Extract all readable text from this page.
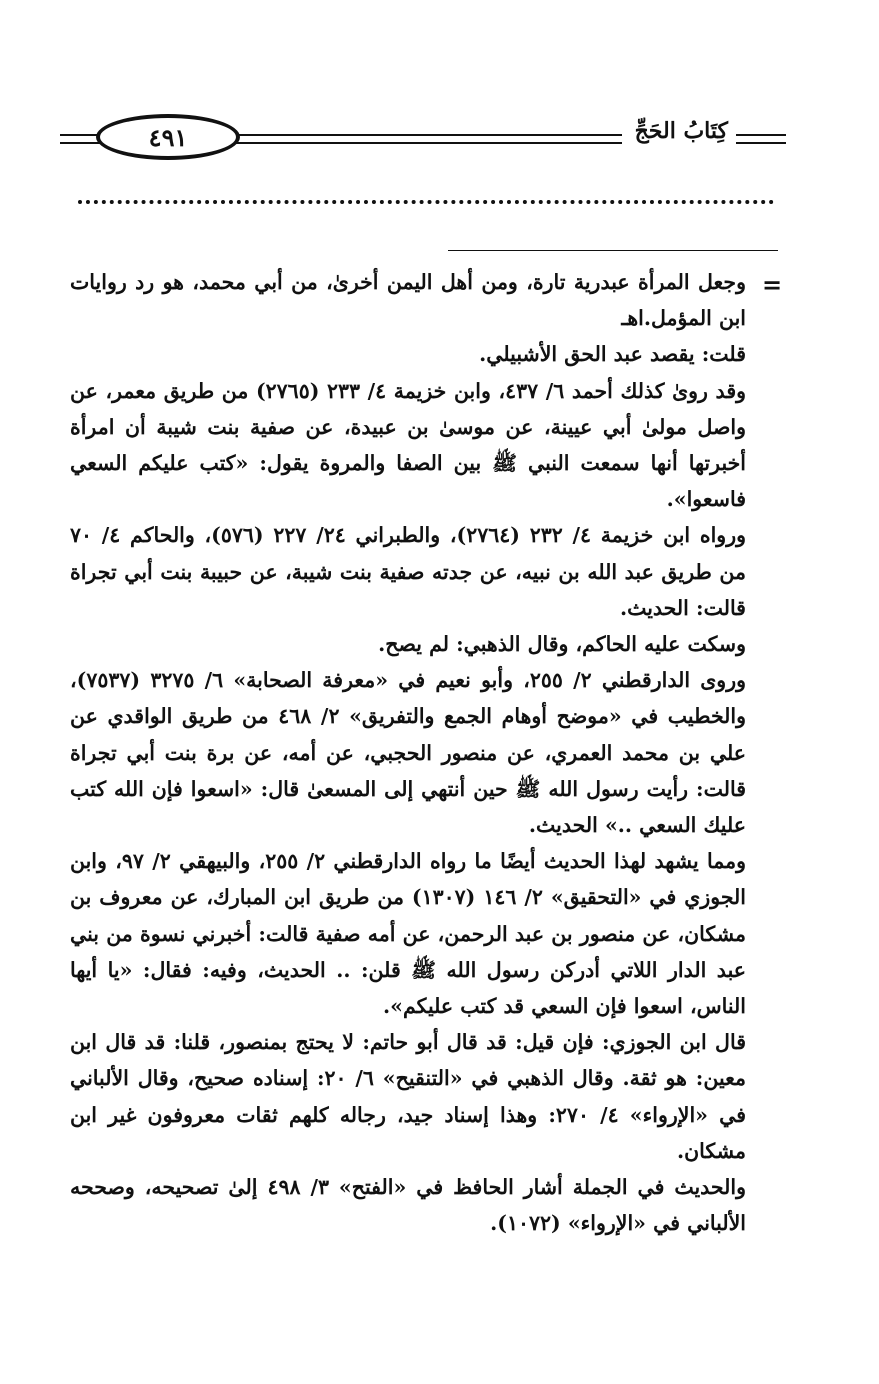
٤٩١	كِتَابُ الحَجِّ
=

وجعل المرأة عبدرية تارة، ومن أهل اليمن أخرىٰ، من أبي محمد، هو رد روايات ابن المؤمل.اهـ

قلت: يقصد عبد الحق الأشبيلي.

وقد روىٰ كذلك أحمد ٦/ ٤٣٧، وابن خزيمة ٤/ ٢٣٣ (٢٧٦٥) من طريق معمر، عن واصل مولىٰ أبي عيينة، عن موسىٰ بن عبيدة، عن صفية بنت شيبة أن امرأة أخبرتها أنها سمعت النبي ﷺ بين الصفا والمروة يقول: «كتب عليكم السعي فاسعوا».

ورواه ابن خزيمة ٤/ ٢٣٢ (٢٧٦٤)، والطبراني ٢٤/ ٢٢٧ (٥٧٦)، والحاكم ٤/ ٧٠ من طريق عبد الله بن نبيه، عن جدته صفية بنت شيبة، عن حبيبة بنت أبي تجراة قالت: الحديث.

وسكت عليه الحاكم، وقال الذهبي: لم يصح.

وروى الدارقطني ٢/ ٢٥٥، وأبو نعيم في «معرفة الصحابة» ٦/ ٣٢٧٥ (٧٥٣٧)، والخطيب في «موضح أوهام الجمع والتفريق» ٢/ ٤٦٨ من طريق الواقدي عن علي بن محمد العمري، عن منصور الحجبي، عن أمه، عن برة بنت أبي تجراة قالت: رأيت رسول الله ﷺ حين أنتهي إلى المسعىٰ قال: «اسعوا فإن الله كتب عليك السعي ..» الحديث.

ومما يشهد لهذا الحديث أيضًا ما رواه الدارقطني ٢/ ٢٥٥، والبيهقي ٢/ ٩٧، وابن الجوزي في «التحقيق» ٢/ ١٤٦ (١٣٠٧) من طريق ابن المبارك، عن معروف بن مشكان، عن منصور بن عبد الرحمن، عن أمه صفية قالت: أخبرني نسوة من بني عبد الدار اللاتي أدركن رسول الله ﷺ قلن: .. الحديث، وفيه: فقال: «يا أيها الناس، اسعوا فإن السعي قد كتب عليكم».

قال ابن الجوزي: فإن قيل: قد قال أبو حاتم: لا يحتج بمنصور، قلنا: قد قال ابن معين: هو ثقة. وقال الذهبي في «التنقيح» ٦/ ٢٠: إسناده صحيح، وقال الألباني في «الإرواء» ٤/ ٢٧٠: وهذا إسناد جيد، رجاله كلهم ثقات معروفون غير ابن مشكان.

والحديث في الجملة أشار الحافظ في «الفتح» ٣/ ٤٩٨ إلىٰ تصحيحه، وصححه الألباني في «الإرواء» (١٠٧٢).
